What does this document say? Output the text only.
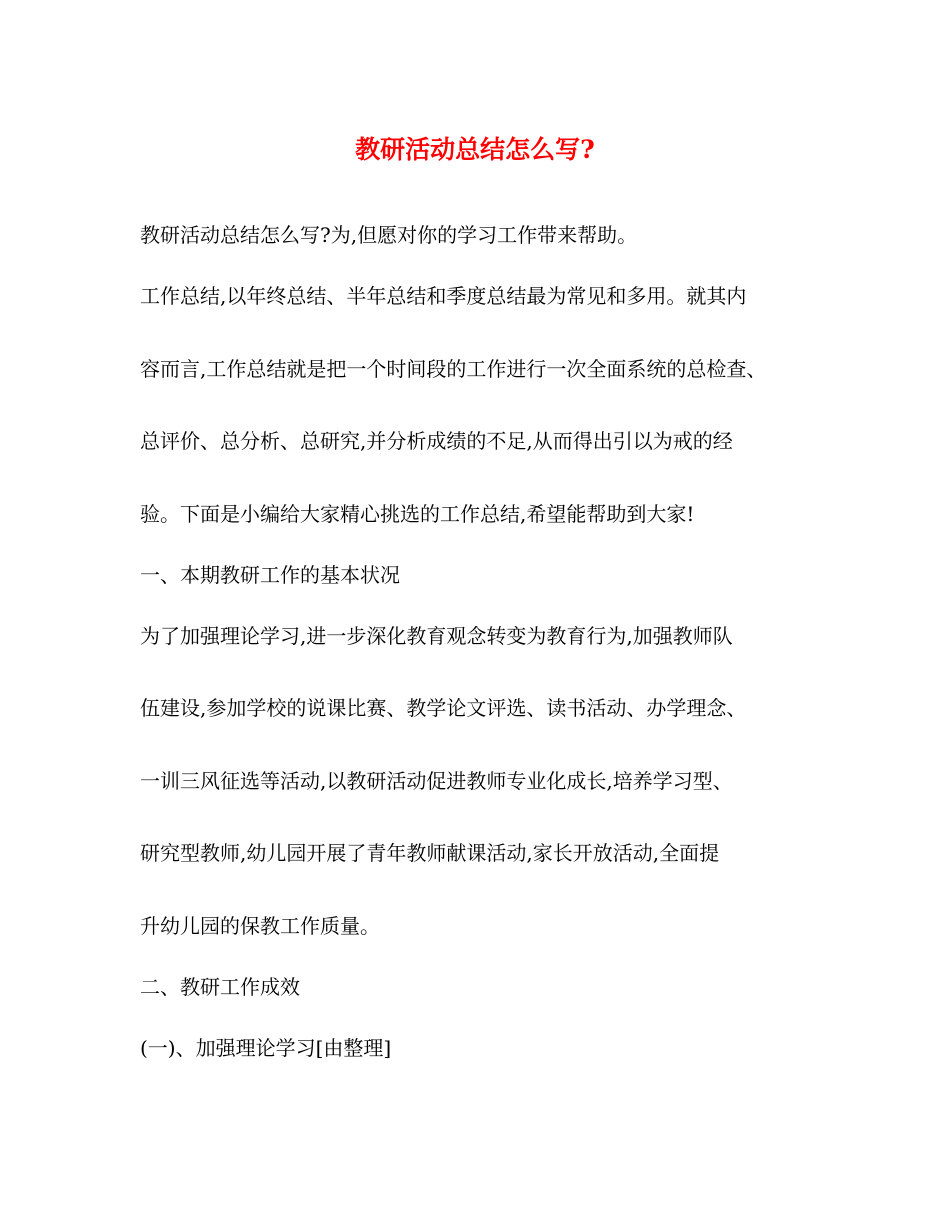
教研活动总结怎么写?
教研活动总结怎么写?为,但愿对你的学习工作带来帮助。
工作总结,以年终总结、半年总结和季度总结最为常见和多用。就其内
容而言,工作总结就是把一个时间段的工作进行一次全面系统的总检查、
总评价、总分析、总研究,并分析成绩的不足,从而得出引以为戒的经
验。下面是小编给大家精心挑选的工作总结,希望能帮助到大家!
一、本期教研工作的基本状况
为了加强理论学习,进一步深化教育观念转变为教育行为,加强教师队
伍建设,参加学校的说课比赛、教学论文评选、读书活动、办学理念、
一训三风征选等活动,以教研活动促进教师专业化成长,培养学习型、
研究型教师,幼儿园开展了青年教师献课活动,家长开放活动,全面提
升幼儿园的保教工作质量。
二、教研工作成效
(一)、加强理论学习[由整理]
